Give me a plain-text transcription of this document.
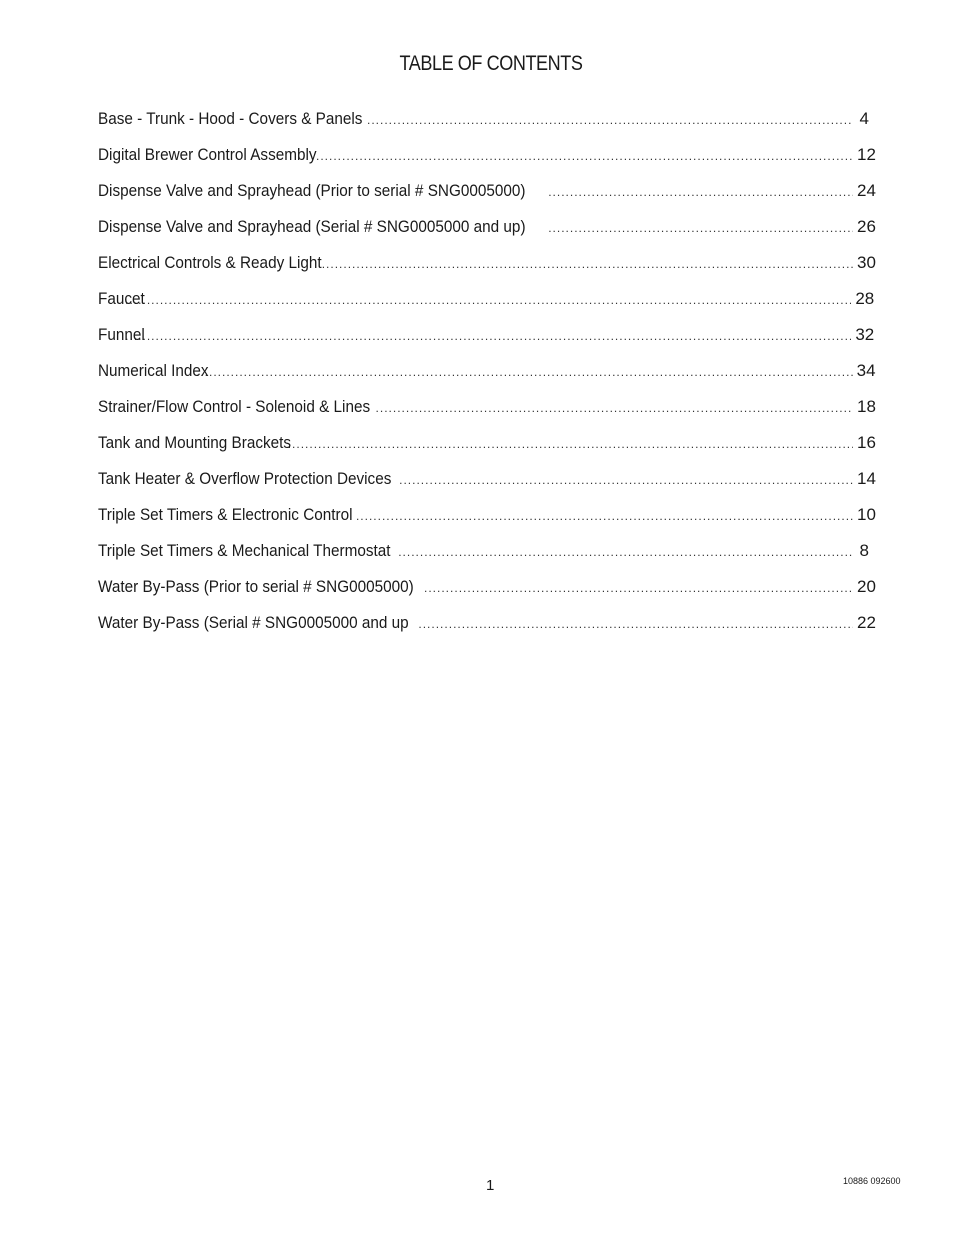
TABLE OF CONTENTS
Base - Trunk - Hood - Covers & Panels .....	4
Digital Brewer Control Assembly .....	12
Dispense Valve and Sprayhead (Prior to serial # SNG0005000) .....	24
Dispense Valve and Sprayhead (Serial # SNG0005000 and up) .....	26
Electrical Controls & Ready Light .....	30
Faucet .....	28
Funnel .....	32
Numerical Index .....	34
Strainer/Flow Control - Solenoid & Lines .....	18
Tank and Mounting Brackets .....	16
Tank Heater & Overflow Protection Devices .....	14
Triple Set Timers & Electronic Control .....	10
Triple Set Timers & Mechanical Thermostat .....	8
Water By-Pass (Prior to serial # SNG0005000) .....	20
Water By-Pass (Serial # SNG0005000 and up .....	22
1	10886 092600
